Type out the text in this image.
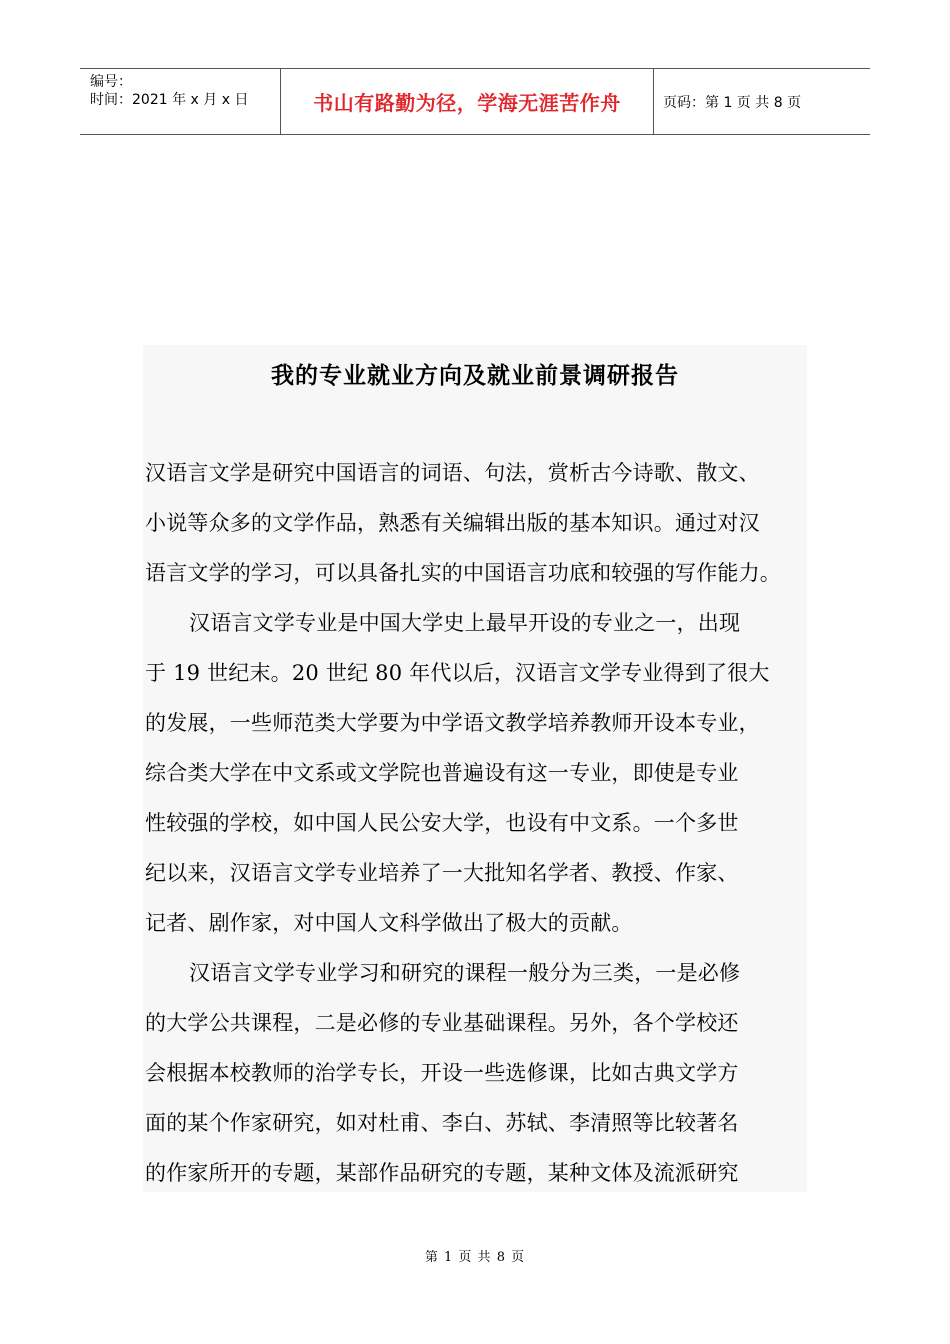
编号：
时间：2021 年 x 月 x 日	书山有路勤为径，学海无涯苦作舟	页码：第 1 页 共 8 页
我的专业就业方向及就业前景调研报告
汉语言文学是研究中国语言的词语、句法，赏析古今诗歌、散文、
小说等众多的文学作品，熟悉有关编辑出版的基本知识。通过对汉
语言文学的学习，可以具备扎实的中国语言功底和较强的写作能力。
汉语言文学专业是中国大学史上最早开设的专业之一，出现
于 19 世纪末。20 世纪 80 年代以后，汉语言文学专业得到了很大
的发展，一些师范类大学要为中学语文教学培养教师开设本专业，
综合类大学在中文系或文学院也普遍设有这一专业，即使是专业
性较强的学校，如中国人民公安大学，也设有中文系。一个多世
纪以来，汉语言文学专业培养了一大批知名学者、教授、作家、
记者、剧作家，对中国人文科学做出了极大的贡献。
汉语言文学专业学习和研究的课程一般分为三类，一是必修
的大学公共课程，二是必修的专业基础课程。另外，各个学校还
会根据本校教师的治学专长，开设一些选修课，比如古典文学方
面的某个作家研究，如对杜甫、李白、苏轼、李清照等比较著名
的作家所开的专题，某部作品研究的专题，某种文体及流派研究
第 1 页 共 8 页
